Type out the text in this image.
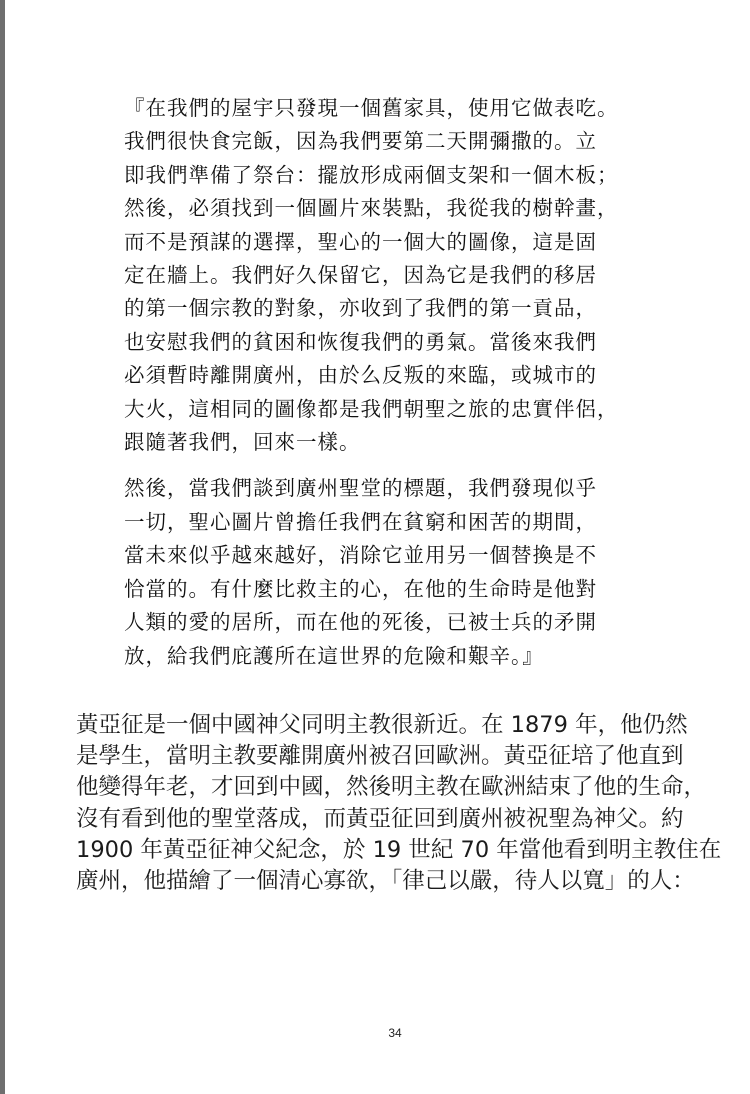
『在我們的屋宇只發現一個舊家具，使用它做表吃。
我們很快食完飯，因為我們要第二天開彌撒的。立
即我們準備了祭台：擺放形成兩個支架和一個木板；
然後，必須找到一個圖片來裝點，我從我的樹幹畫，
而不是預謀的選擇，聖心的一個大的圖像，這是固
定在牆上。我們好久保留它，因為它是我們的移居
的第一個宗教的對象，亦收到了我們的第一貢品，
也安慰我們的貧困和恢復我們的勇氣。當後來我們
必須暫時離開廣州，由於么反叛的來臨，或城市的
大火，這相同的圖像都是我們朝聖之旅的忠實伴侶，
跟隨著我們，回來一樣。
然後，當我們談到廣州聖堂的標題，我們發現似乎
一切，聖心圖片曾擔任我們在貧窮和困苦的期間，
當未來似乎越來越好，消除它並用另一個替換是不
恰當的。有什麼比救主的心，在他的生命時是他對
人類的愛的居所，而在他的死後，已被士兵的矛開
放，給我們庇護所在這世界的危險和艱辛。』
黃亞征是一個中國神父同明主教很新近。在 1879 年，他仍然
是學生，當明主教要離開廣州被召回歐洲。黃亞征培了他直到
他變得年老，才回到中國，然後明主教在歐洲結束了他的生命，
沒有看到他的聖堂落成，而黃亞征回到廣州被祝聖為神父。約
1900 年黃亞征神父紀念，於 19 世紀 70 年當他看到明主教住在
廣州，他描繪了一個清心寡欲，「律己以嚴，待人以寬」的人：
34
